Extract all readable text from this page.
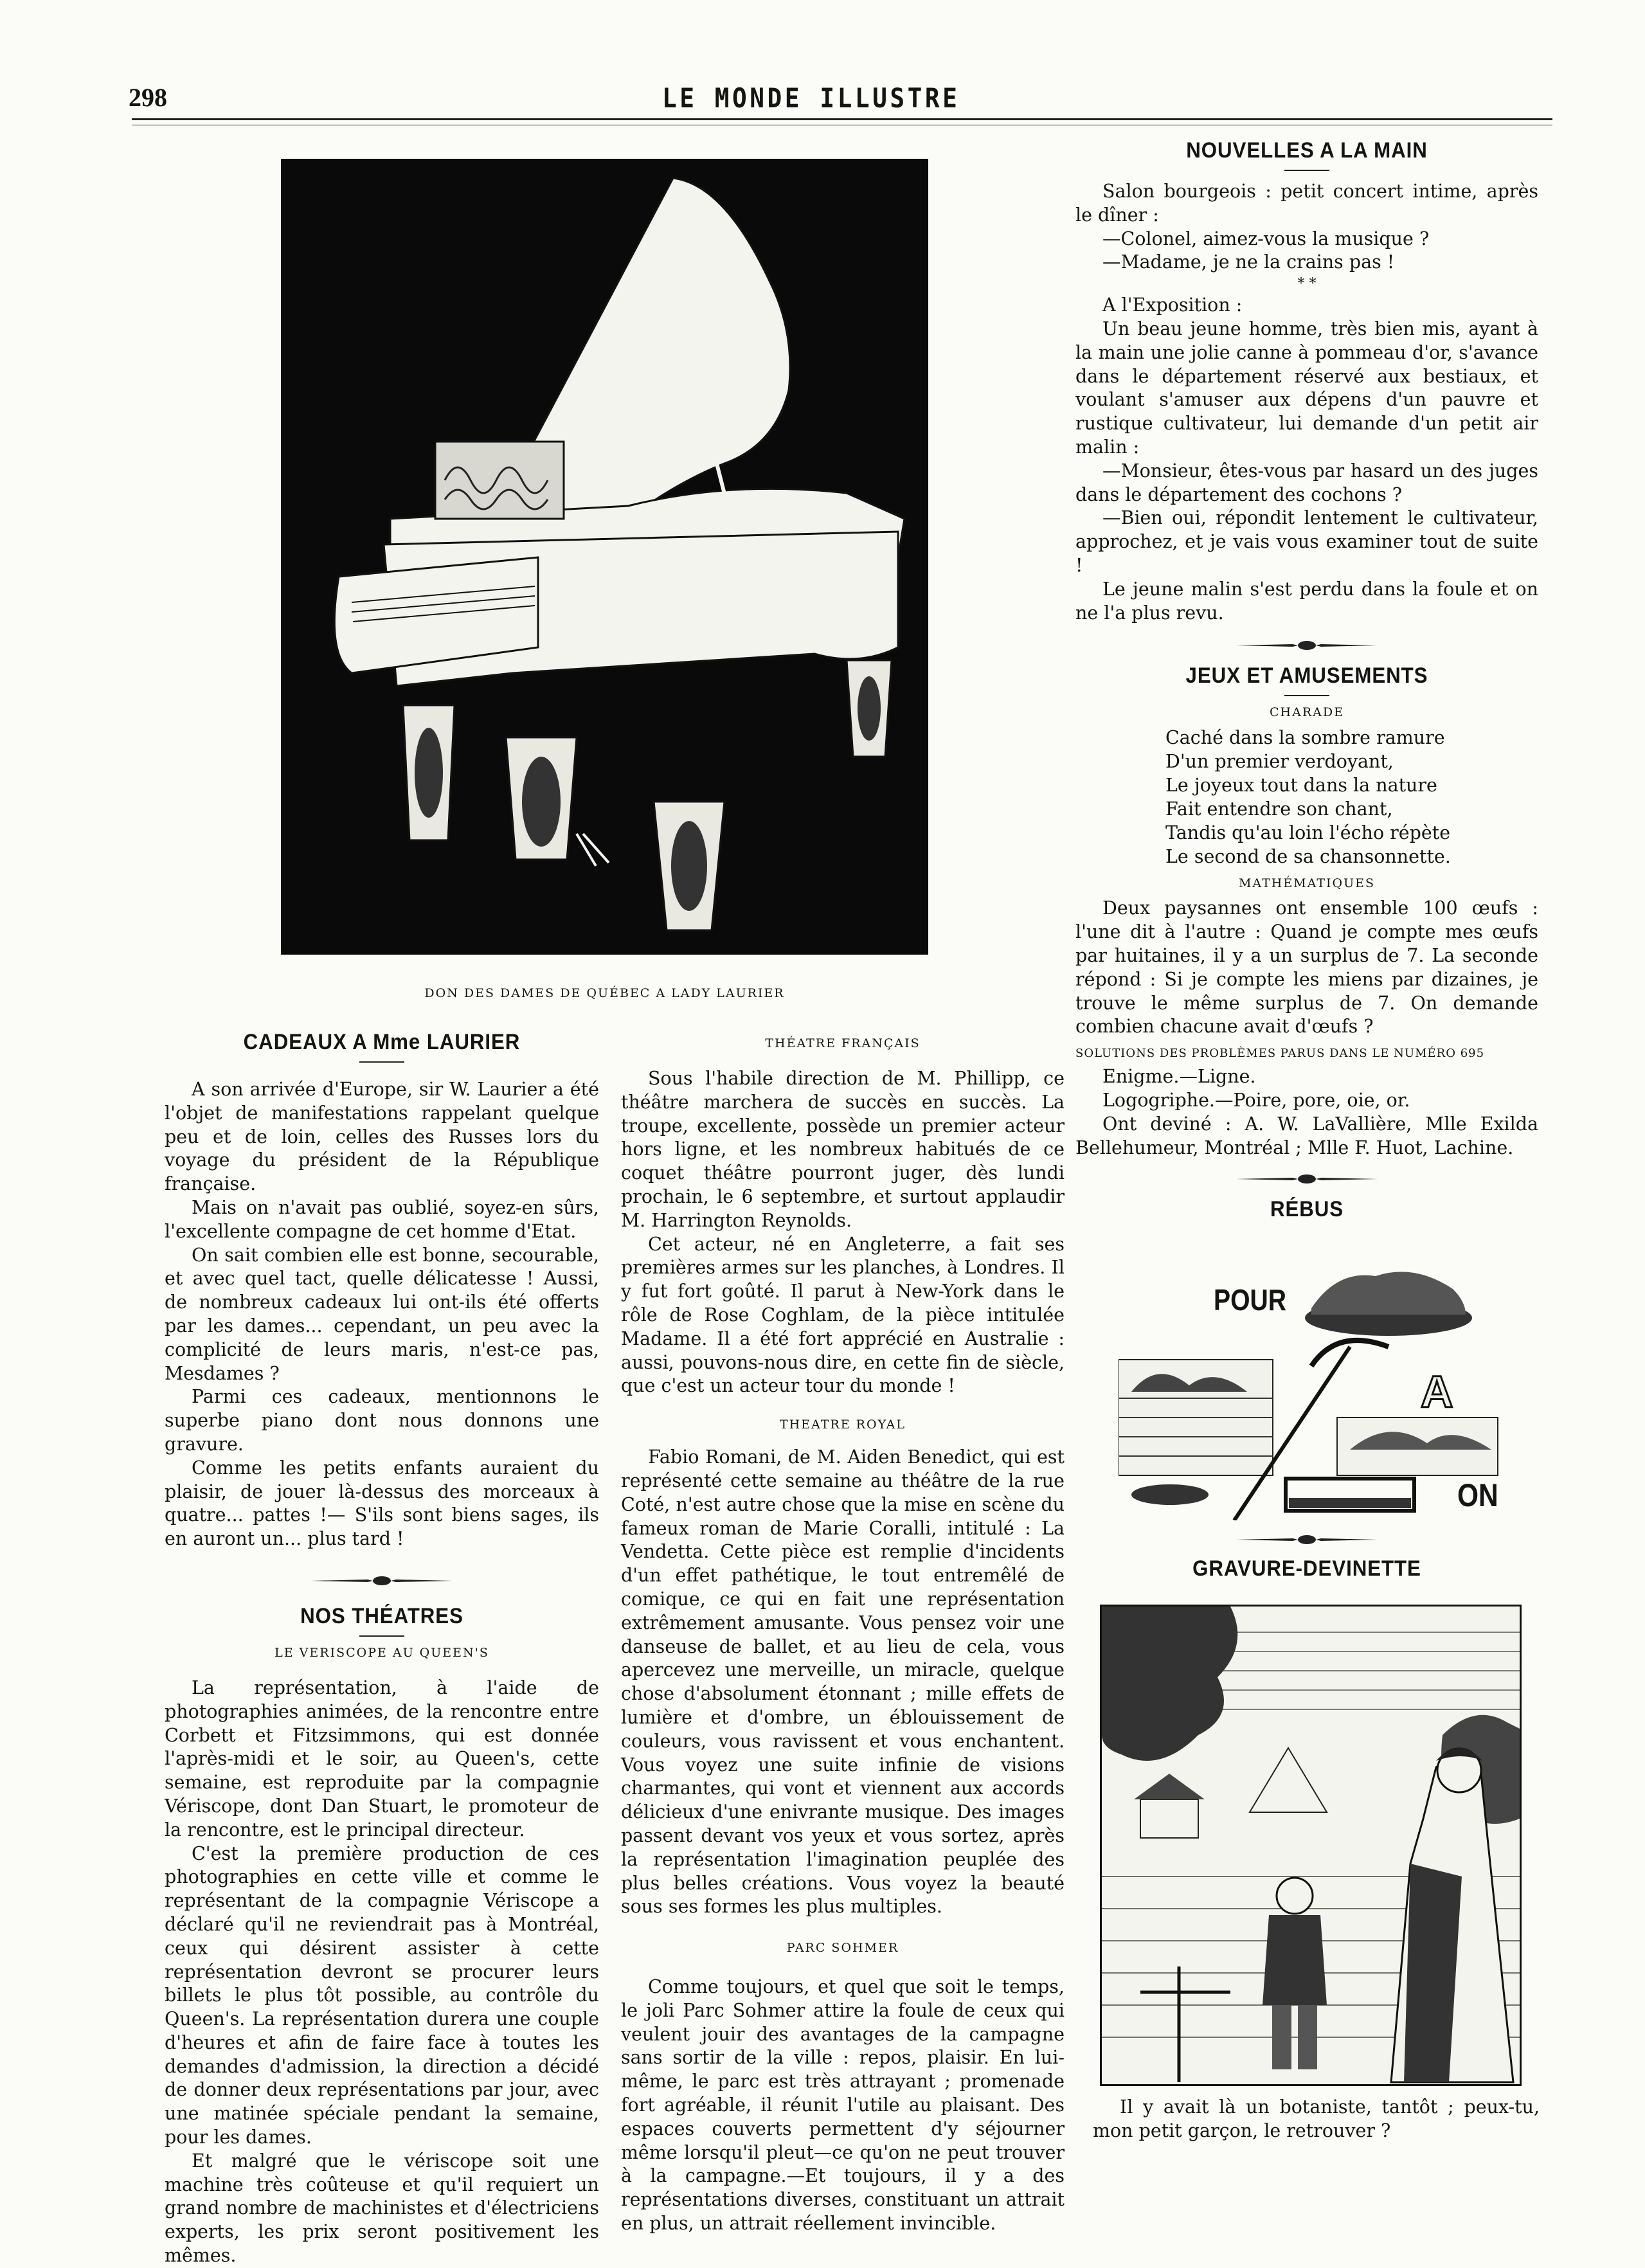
298	LE MONDE ILLUSTRE
DON DES DAMES DE QUÉBEC A LADY LAURIER

CADEAUX A Mme LAURIER

A son arrivée d'Europe, sir W. Laurier a été l'objet de manifestations rappelant quelque peu et de loin, celles des Russes lors du voyage du président de la République française.

Mais on n'avait pas oublié, soyez-en sûrs, l'excellente compagne de cet homme d'Etat.

On sait combien elle est bonne, secourable, et avec quel tact, quelle délicatesse ! Aussi, de nombreux cadeaux lui ont-ils été offerts par les dames... cependant, un peu avec la complicité de leurs maris, n'est-ce pas, Mesdames ?

Parmi ces cadeaux, mentionnons le superbe piano dont nous donnons une gravure.

Comme les petits enfants auraient du plaisir, de jouer là-dessus des morceaux à quatre... pattes !— S'ils sont biens sages, ils en auront un... plus tard !

NOS THÉATRES

LE VERISCOPE AU QUEEN'S

La représentation, à l'aide de photographies animées, de la rencontre entre Corbett et Fitzsimmons, qui est donnée l'après-midi et le soir, au Queen's, cette semaine, est reproduite par la compagnie Vériscope, dont Dan Stuart, le promoteur de la rencontre, est le principal directeur.

C'est la première production de ces photographies en cette ville et comme le représentant de la compagnie Vériscope a déclaré qu'il ne reviendrait pas à Montréal, ceux qui désirent assister à cette représentation devront se procurer leurs billets le plus tôt possible, au contrôle du Queen's. La représentation durera une couple d'heures et afin de faire face à toutes les demandes d'admission, la direction a décidé de donner deux représentations par jour, avec une matinée spéciale pendant la semaine, pour les dames.

Et malgré que le vériscope soit une machine très coûteuse et qu'il requiert un grand nombre de machinistes et d'électriciens experts, les prix seront positivement les mêmes.

THÉATRE FRANÇAIS

Sous l'habile direction de M. Phillipp, ce théâtre marchera de succès en succès. La troupe, excellente, possède un premier acteur hors ligne, et les nombreux habitués de ce coquet théâtre pourront juger, dès lundi prochain, le 6 septembre, et surtout applaudir M. Harrington Reynolds.

Cet acteur, né en Angleterre, a fait ses premières armes sur les planches, à Londres. Il y fut fort goûté. Il parut à New-York dans le rôle de Rose Coghlam, de la pièce intitulée Madame. Il a été fort apprécié en Australie : aussi, pouvons-nous dire, en cette fin de siècle, que c'est un acteur tour du monde !

THEATRE ROYAL

Fabio Romani, de M. Aiden Benedict, qui est représenté cette semaine au théâtre de la rue Coté, n'est autre chose que la mise en scène du fameux roman de Marie Coralli, intitulé : La Vendetta. Cette pièce est remplie d'incidents d'un effet pathétique, le tout entremêlé de comique, ce qui en fait une représentation extrêmement amusante. Vous pensez voir une danseuse de ballet, et au lieu de cela, vous apercevez une merveille, un miracle, quelque chose d'absolument étonnant ; mille effets de lumière et d'ombre, un éblouissement de couleurs, vous ravissent et vous enchantent. Vous voyez une suite infinie de visions charmantes, qui vont et viennent aux accords délicieux d'une enivrante musique. Des images passent devant vos yeux et vous sortez, après la représentation l'imagination peuplée des plus belles créations. Vous voyez la beauté sous ses formes les plus multiples.

PARC SOHMER

Comme toujours, et quel que soit le temps, le joli Parc Sohmer attire la foule de ceux qui veulent jouir des avantages de la campagne sans sortir de la ville : repos, plaisir. En lui-même, le parc est très attrayant ; promenade fort agréable, il réunit l'utile au plaisant. Des espaces couverts permettent d'y séjourner même lorsqu'il pleut—ce qu'on ne peut trouver à la campagne.—Et toujours, il y a des représentations diverses, constituant un attrait en plus, un attrait réellement invincible.

NOUVELLES A LA MAIN

Salon bourgeois : petit concert intime, après le dîner :

—Colonel, aimez-vous la musique ?

—Madame, je ne la crains pas !

* *

A l'Exposition :

Un beau jeune homme, très bien mis, ayant à la main une jolie canne à pommeau d'or, s'avance dans le département réservé aux bestiaux, et voulant s'amuser aux dépens d'un pauvre et rustique cultivateur, lui demande d'un petit air malin :

—Monsieur, êtes-vous par hasard un des juges dans le département des cochons ?

—Bien oui, répondit lentement le cultivateur, approchez, et je vais vous examiner tout de suite !

Le jeune malin s'est perdu dans la foule et on ne l'a plus revu.

JEUX ET AMUSEMENTS

CHARADE

Caché dans la sombre ramure

D'un premier verdoyant,

Le joyeux tout dans la nature

Fait entendre son chant,

Tandis qu'au loin l'écho répète

Le second de sa chansonnette.

MATHÉMATIQUES

Deux paysannes ont ensemble 100 œufs : l'une dit à l'autre : Quand je compte mes œufs par huitaines, il y a un surplus de 7. La seconde répond : Si je compte les miens par dizaines, je trouve le même surplus de 7. On demande combien chacune avait d'œufs ?

SOLUTIONS DES PROBLÈMES PARUS DANS LE NUMÉRO 695

Enigme.—Ligne.

Logogriphe.—Poire, pore, oie, or.

Ont deviné : A. W. LaVallière, Mlle Exilda Bellehumeur, Montréal ; Mlle F. Huot, Lachine.

RÉBUS

POUR
A
ON

GRAVURE-DEVINETTE

Il y avait là un botaniste, tantôt ; peux-tu, mon petit garçon, le retrouver ?
